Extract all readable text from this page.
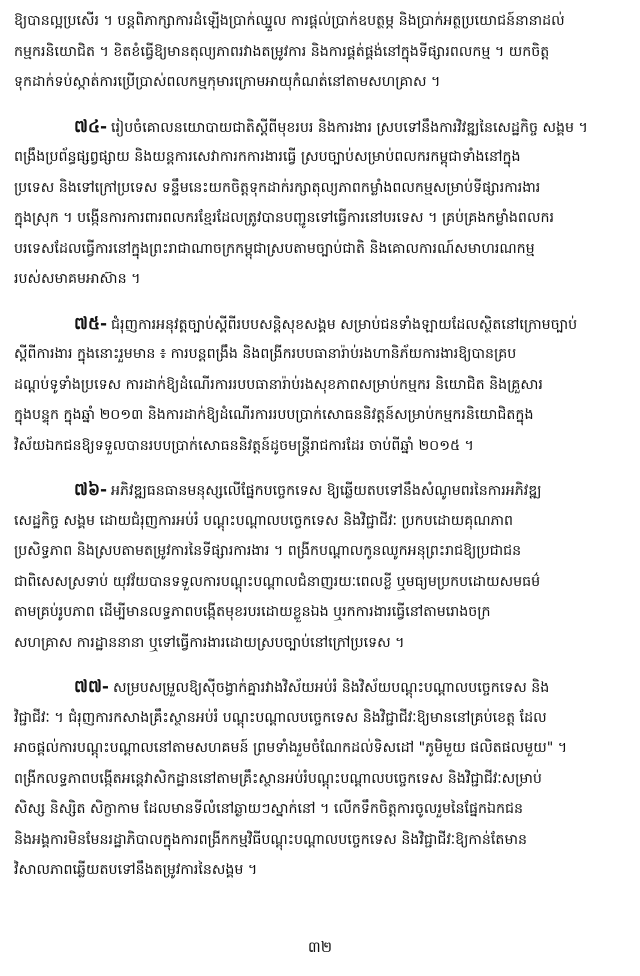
ឱ្យបានល្អប្រសើរ ។ បន្តពិភាក្សាការដំឡើងប្រាក់ឈ្នួល ការផ្តល់ប្រាក់ឧបត្ថម្ភ និងប្រាក់អត្ថប្រយោជន៍នានាដល់
កម្មករនិយោជិត ។ ខិតខំធ្វើឱ្យមានតុល្យភាពរវាងតម្រូវការ និងការផ្គត់ផ្គង់នៅក្នុងទីផ្សារពលកម្ម ។ យកចិត្ត
ទុកដាក់ទប់ស្កាត់ការប្រើប្រាស់ពលកម្មកុមារក្រោមអាយុកំណត់នៅតាមសហគ្រាស ។
៧៤- រៀបចំគោលនយោបាយជាតិស្តីពីមុខរបរ និងការងារ ស្របទៅនឹងការវិវឌ្ឍនៃសេដ្ឋកិច្ច សង្គម ។
ពង្រឹងប្រព័ន្ធផ្សព្វផ្សាយ និងយន្តការសេវាការកការងារធ្វើ ស្របច្បាប់សម្រាប់ពលករកម្ពុជាទាំងនៅក្នុង
ប្រទេស និងទៅក្រៅប្រទេស ទន្ទឹមនេះយកចិត្តទុកដាក់រក្សាតុល្យភាពកម្លាំងពលកម្មសម្រាប់ទីផ្សារការងារ
ក្នុងស្រុក ។ បង្កើនការការពារពលករខ្មែរដែលត្រូវបានបញ្ជូនទៅធ្វើការនៅបរទេស ។ គ្រប់គ្រងកម្លាំងពលករ
បរទេសដែលធ្វើការនៅក្នុងព្រះរាជាណាចក្រកម្ពុជាស្របតាមច្បាប់ជាតិ និងគោលការណ៍សមាហរណកម្ម
របស់សមាគមអាស៊ាន ។
៧៥- ជំរុញការអនុវត្តច្បាប់ស្តីពីរបបសន្តិសុខសង្គម សម្រាប់ជនទាំងឡាយដែលស្ថិតនៅក្រោមច្បាប់
ស្តីពីការងារ ក្នុងនោះរួមមាន ៖ ការបន្តពង្រឹង និងពង្រីករបបធានារ៉ាប់រងហានិភ័យការងារឱ្យបានគ្រប
ដណ្តប់ទូទាំងប្រទេស ការដាក់ឱ្យដំណើរការរបបធានារ៉ាប់រងសុខភាពសម្រាប់កម្មករ និយោជិត និងគ្រួសារ
ក្នុងបន្ទុក ក្នុងឆ្នាំ ២០១៣ និងការដាក់ឱ្យដំណើរការរបបប្រាក់សោធននិវត្តន៍សម្រាប់កម្មករនិយោជិតក្នុង
វិស័យឯកជនឱ្យទទួលបានរបបប្រាក់សោធននិវត្តន៍ដូចមន្ត្រីរាជការដែរ ចាប់ពីឆ្នាំ ២០១៥ ។
៧៦- អភិវឌ្ឍធនធានមនុស្សលើផ្នែកបច្ចេកទេស ឱ្យឆ្លើយតបទៅនឹងសំណូមពរនៃការអភិវឌ្ឍ
សេដ្ឋកិច្ច សង្គម ដោយជំរុញការអប់រំ បណ្តុះបណ្តាលបច្ចេកទេស និងវិជ្ជាជីវៈ ប្រកបដោយគុណភាព
ប្រសិទ្ធភាព និងស្របតាមតម្រូវការនៃទីផ្សារការងារ ។ ពង្រីកបណ្តាលកូនឈូកអនុព្រះរាជឱ្យប្រជាជន
ជាពិសេសស្រទាប់ យុវវ័យបានទទួលការបណ្តុះបណ្តាលជំនាញរយៈពេលខ្លី ឬមធ្យមប្រកបដោយសមធម៌
តាមគ្រប់រូបភាព ដើម្បីមានលទ្ធភាពបង្កើតមុខរបរដោយខ្លួនឯង ឬរកការងារធ្វើនៅតាមរោងចក្រ
សហគ្រាស ការដ្ឋាននានា ឬទៅធ្វើការងារដោយស្របច្បាប់នៅក្រៅប្រទេស ។
៧៧- សម្របសម្រួលឱ្យស៊ីចង្វាក់គ្នារវាងវិស័យអប់រំ និងវិស័យបណ្តុះបណ្តាលបច្ចេកទេស និង
វិជ្ជាជីវៈ ។ ជំរុញការកសាងគ្រឹះស្ថានអប់រំ បណ្តុះបណ្តាលបច្ចេកទេស និងវិជ្ជាជីវៈឱ្យមាននៅគ្រប់ខេត្ត ដែល
អាចផ្តល់ការបណ្តុះបណ្តាលនៅតាមសហគមន៍ ព្រមទាំងរួមចំណែកដល់ទិសដៅ "ភូមិមួយ ផលិតផលមួយ" ។
ពង្រីកលទ្ធភាពបង្កើតអន្តេវាសិកដ្ឋាននៅតាមគ្រឹះស្ថានអប់រំបណ្តុះបណ្តាលបច្ចេកទេស និងវិជ្ជាជីវៈសម្រាប់
សិស្ស និស្សិត សិក្ខាកាម ដែលមានទីលំនៅឆ្ងាយៗស្នាក់នៅ ។ លើកទឹកចិត្តការចូលរួមនៃផ្នែកឯកជន
និងអង្គការមិនមែនរដ្ឋាភិបាលក្នុងការពង្រីកកម្មវិធីបណ្តុះបណ្តាលបច្ចេកទេស និងវិជ្ជាជីវៈឱ្យកាន់តែមាន
វិសាលភាពឆ្លើយតបទៅនឹងតម្រូវការនៃសង្គម ។
៣២
